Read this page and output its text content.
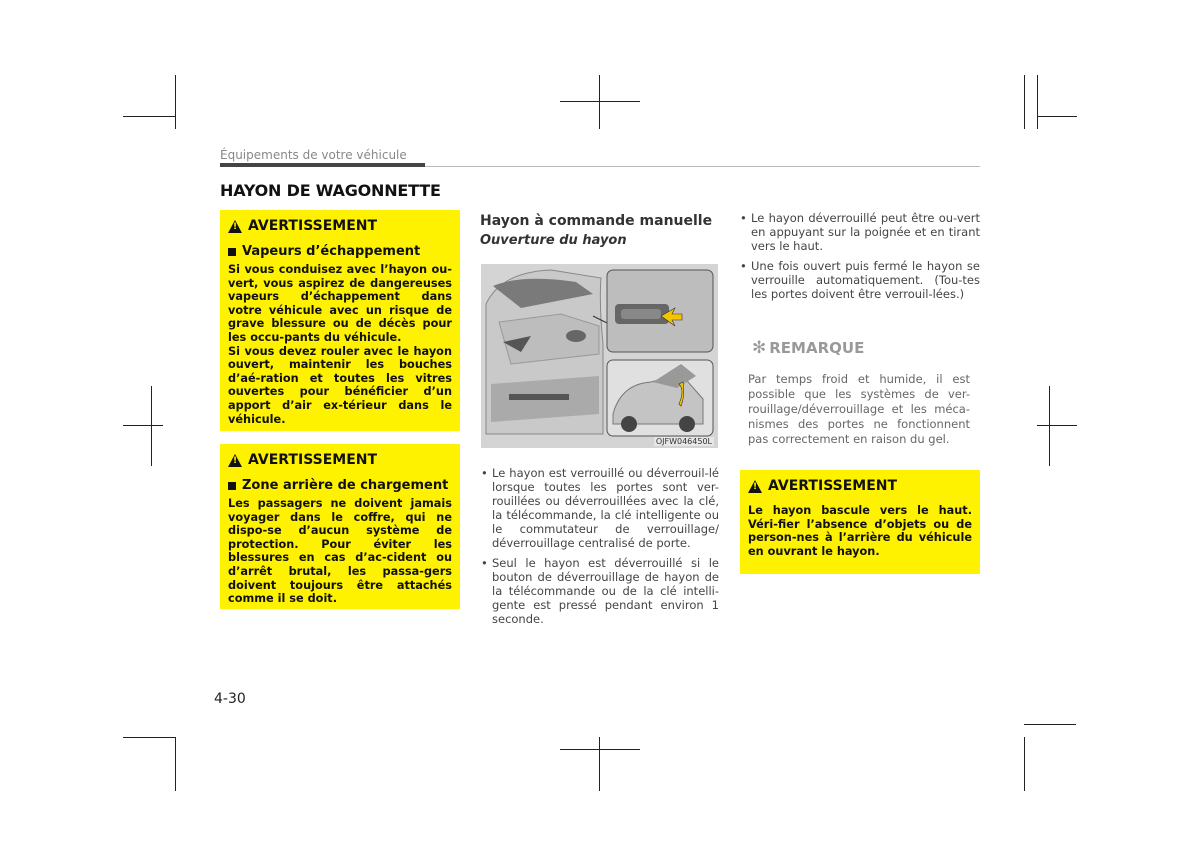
Équipements de votre véhicule
HAYON DE WAGONNETTE
!
AVERTISSEMENT
Vapeurs d’échappement
Si vous conduisez avec l’hayon ou-vert, vous aspirez de dangereuses vapeurs d’échappement dans votre véhicule avec un risque de grave blessure ou de décès pour les occu-pants du véhicule.
Si vous devez rouler avec le hayon ouvert, maintenir les bouches d’aé-ration et toutes les vitres ouvertes pour bénéficier d’un apport d’air ex-térieur dans le véhicule.
!
AVERTISSEMENT
Zone arrière de chargement
Les passagers ne doivent jamais voyager dans le coffre, qui ne dispo-se d’aucun système de protection. Pour éviter les blessures en cas d’ac-cident ou d’arrêt brutal, les passa-gers doivent toujours être attachés comme il se doit.
Hayon à commande manuelle
Ouverture du hayon
OJFW046450L
• Le hayon est verrouillé ou déverrouil-lé lorsque toutes les portes sont ver-rouillées ou déverrouillées avec la clé, la télécommande, la clé intelligente ou le commutateur de verrouillage/ déverrouillage centralisé de porte.
• Seul le hayon est déverrouillé si le bouton de déverrouillage de hayon de la télécommande ou de la clé intelli-gente est pressé pendant environ 1 seconde.
• Le hayon déverrouillé peut être ou-vert en appuyant sur la poignée et en tirant vers le haut.
• Une fois ouvert puis fermé le hayon se verrouille automatiquement. (Tou-tes les portes doivent être verrouil-lées.)
✻ REMARQUE
Par temps froid et humide, il est possible que les systèmes de ver-rouillage/déverrouillage et les méca-nismes des portes ne fonctionnent pas correctement en raison du gel.
!
AVERTISSEMENT
Le hayon bascule vers le haut. Véri-fier l’absence d’objets ou de person-nes à l’arrière du véhicule en ouvrant le hayon.
4-30
